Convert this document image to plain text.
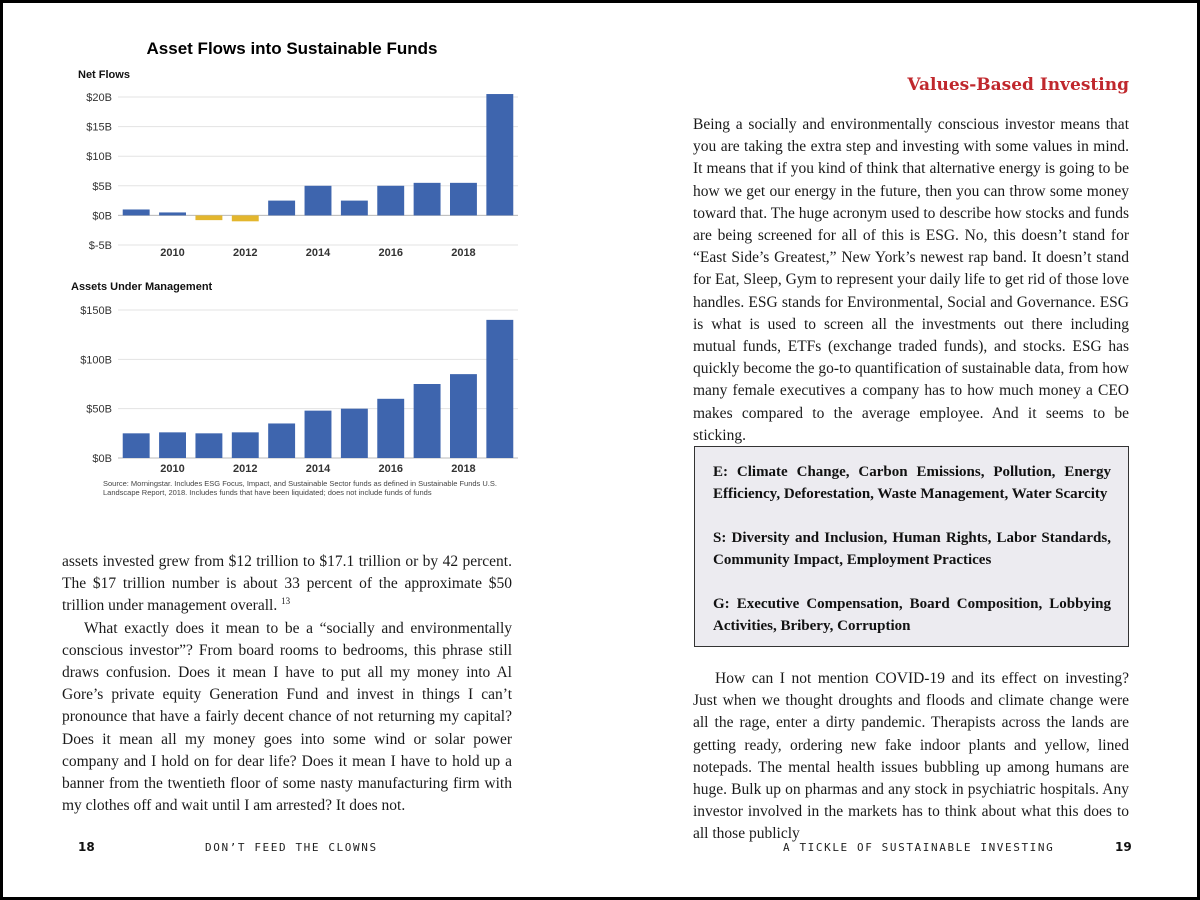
Asset Flows into Sustainable Funds
Net Flows
$20B
$15B
$10B
$5B
$0B
$-5B
2010	2012	2014	2016	2018
Assets Under Management
$150B
$100B
$50B
$0B
2010	2012	2014	2016	2018
Source: Morningstar. Includes ESG Focus, Impact, and Sustainable Sector funds as defined in Sustainable Funds U.S. Landscape Report, 2018. Includes funds that have been liquidated; does not include funds of funds

assets invested grew from $12 trillion to $17.1 trillion or by 42 percent. The $17 trillion number is about 33 percent of the approximate $50 trillion under management overall. $^{13}$

What exactly does it mean to be a “socially and environmentally conscious investor”? From board rooms to bedrooms, this phrase still draws confusion. Does it mean I have to put all my money into Al Gore’s private equity Generation Fund and invest in things I can’t pronounce that have a fairly decent chance of not returning my capital? Does it mean all my money goes into some wind or solar power company and I hold on for dear life? Does it mean I have to hold up a banner from the twentieth floor of some nasty manufacturing firm with my clothes off and wait until I am arrested? It does not.

18	DON’T FEED THE CLOWNS
Values-Based Investing

Being a socially and environmentally conscious investor means that you are taking the extra step and investing with some values in mind. It means that if you kind of think that alternative energy is going to be how we get our energy in the future, then you can throw some money toward that. The huge acronym used to describe how stocks and funds are being screened for all of this is ESG. No, this doesn’t stand for “East Side’s Greatest,” New York’s newest rap band. It doesn’t stand for Eat, Sleep, Gym to represent your daily life to get rid of those love handles. ESG stands for Environmental, Social and Governance. ESG is what is used to screen all the investments out there including mutual funds, ETFs (exchange traded funds), and stocks. ESG has quickly become the go-to quantification of sustainable data, from how many female executives a company has to how much money a CEO makes compared to the average employee. And it seems to be sticking.

E: Climate Change, Carbon Emissions, Pollution, Energy Efficiency, Deforestation, Waste Management, Water Scarcity
S: Diversity and Inclusion, Human Rights, Labor Standards, Community Impact, Employment Practices
G: Executive Compensation, Board Composition, Lobbying Activities, Bribery, Corruption

How can I not mention COVID-19 and its effect on investing? Just when we thought droughts and floods and climate change were all the rage, enter a dirty pandemic. Therapists across the lands are getting ready, ordering new fake indoor plants and yellow, lined notepads. The mental health issues bubbling up among humans are huge. Bulk up on pharmas and any stock in psychiatric hospitals. Any investor involved in the markets has to think about what this does to all those publicly

A TICKLE OF SUSTAINABLE INVESTING	19
